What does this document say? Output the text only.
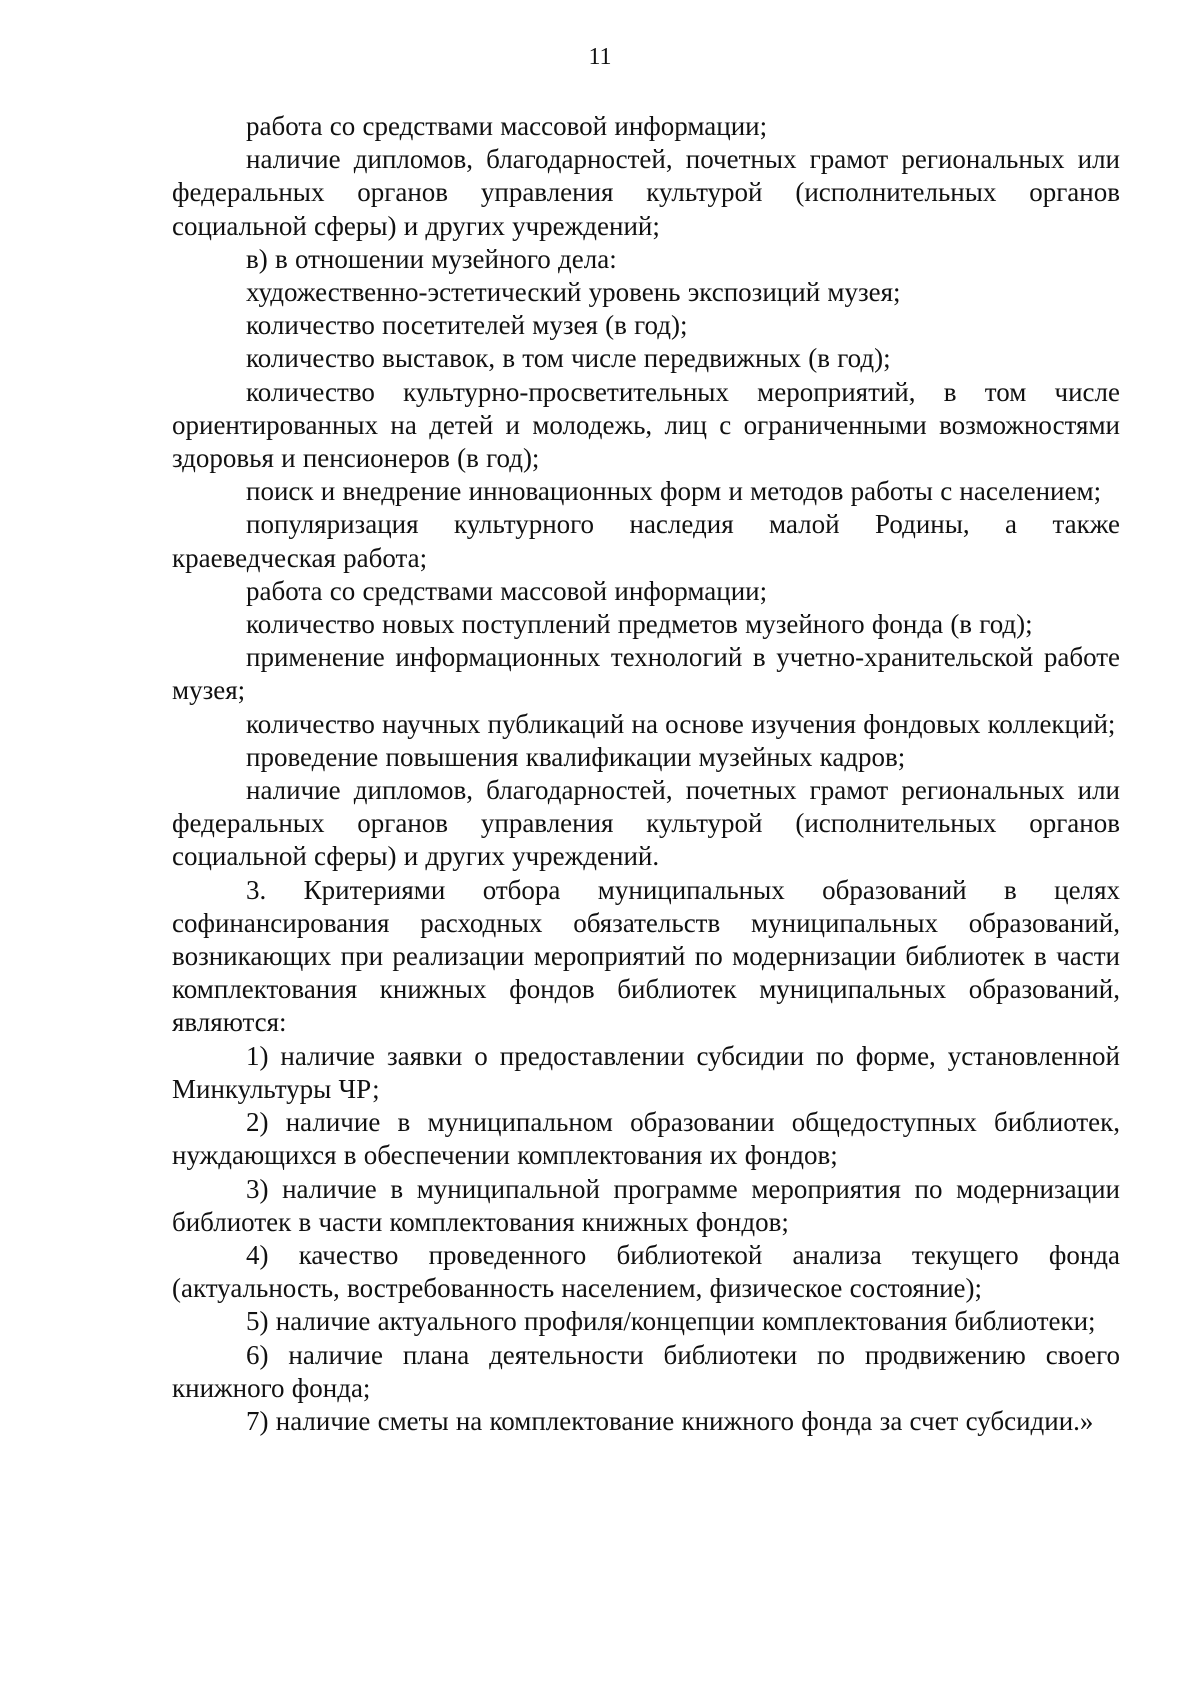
11

работа со средствами массовой информации;

наличие дипломов, благодарностей, почетных грамот региональных или федеральных органов управления культурой (исполнительных органов социальной сферы) и других учреждений;

в) в отношении музейного дела:

художественно-эстетический уровень экспозиций музея;

количество посетителей музея (в год);

количество выставок, в том числе передвижных (в год);

количество культурно-просветительных мероприятий, в том числе ориентированных на детей и молодежь, лиц с ограниченными возможностями здоровья и пенсионеров (в год);

поиск и внедрение инновационных форм и методов работы с населением;

популяризация культурного наследия малой Родины, а также краеведческая работа;

работа со средствами массовой информации;

количество новых поступлений предметов музейного фонда (в год);

применение информационных технологий в учетно-хранительской работе музея;

количество научных публикаций на основе изучения фондовых коллекций;

проведение повышения квалификации музейных кадров;

наличие дипломов, благодарностей, почетных грамот региональных или федеральных органов управления культурой (исполнительных органов социальной сферы) и других учреждений.

3. Критериями отбора муниципальных образований в целях софинансирования расходных обязательств муниципальных образований, возникающих при реализации мероприятий по модернизации библиотек в части комплектования книжных фондов библиотек муниципальных образований, являются:

1) наличие заявки о предоставлении субсидии по форме, установленной Минкультуры ЧР;

2) наличие в муниципальном образовании общедоступных библиотек, нуждающихся в обеспечении комплектования их фондов;

3) наличие в муниципальной программе мероприятия по модернизации библиотек в части комплектования книжных фондов;

4) качество проведенного библиотекой анализа текущего фонда (актуальность, востребованность населением, физическое состояние);

5) наличие актуального профиля/концепции комплектования библиотеки;

6) наличие плана деятельности библиотеки по продвижению своего книжного фонда;

7) наличие сметы на комплектование книжного фонда за счет субсидии.»
